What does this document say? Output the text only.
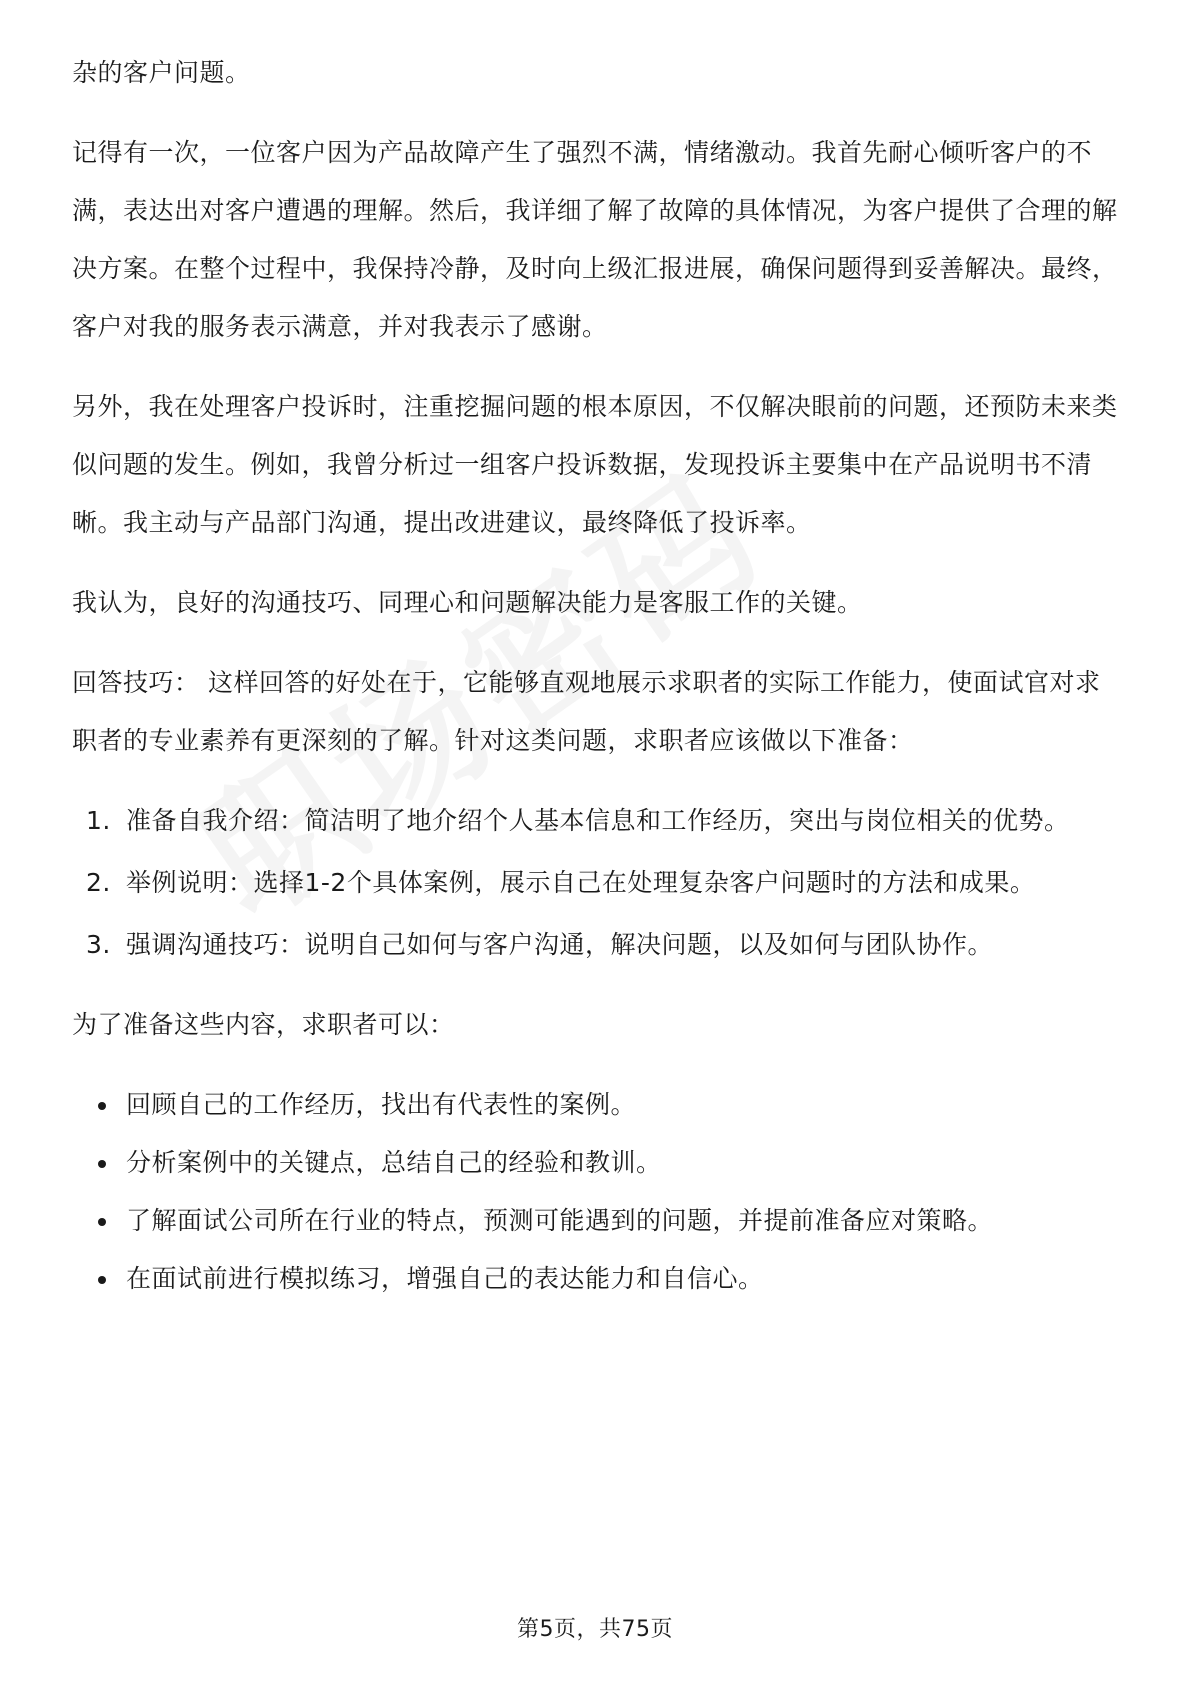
杂的客户问题。

记得有一次，一位客户因为产品故障产生了强烈不满，情绪激动。我首先耐心倾听客户的不满，表达出对客户遭遇的理解。然后，我详细了解了故障的具体情况，为客户提供了合理的解决方案。在整个过程中，我保持冷静，及时向上级汇报进展，确保问题得到妥善解决。最终，客户对我的服务表示满意，并对我表示了感谢。

另外，我在处理客户投诉时，注重挖掘问题的根本原因，不仅解决眼前的问题，还预防未来类似问题的发生。例如，我曾分析过一组客户投诉数据，发现投诉主要集中在产品说明书不清晰。我主动与产品部门沟通，提出改进建议，最终降低了投诉率。

我认为，良好的沟通技巧、同理心和问题解决能力是客服工作的关键。

回答技巧： 这样回答的好处在于，它能够直观地展示求职者的实际工作能力，使面试官对求职者的专业素养有更深刻的了解。针对这类问题，求职者应该做以下准备：

1. 准备自我介绍：简洁明了地介绍个人基本信息和工作经历，突出与岗位相关的优势。
2. 举例说明：选择1-2个具体案例，展示自己在处理复杂客户问题时的方法和成果。
3. 强调沟通技巧：说明自己如何与客户沟通，解决问题，以及如何与团队协作。

为了准备这些内容，求职者可以：

回顾自己的工作经历，找出有代表性的案例。
分析案例中的关键点，总结自己的经验和教训。
了解面试公司所在行业的特点，预测可能遇到的问题，并提前准备应对策略。
在面试前进行模拟练习，增强自己的表达能力和自信心。
第5页，共75页
